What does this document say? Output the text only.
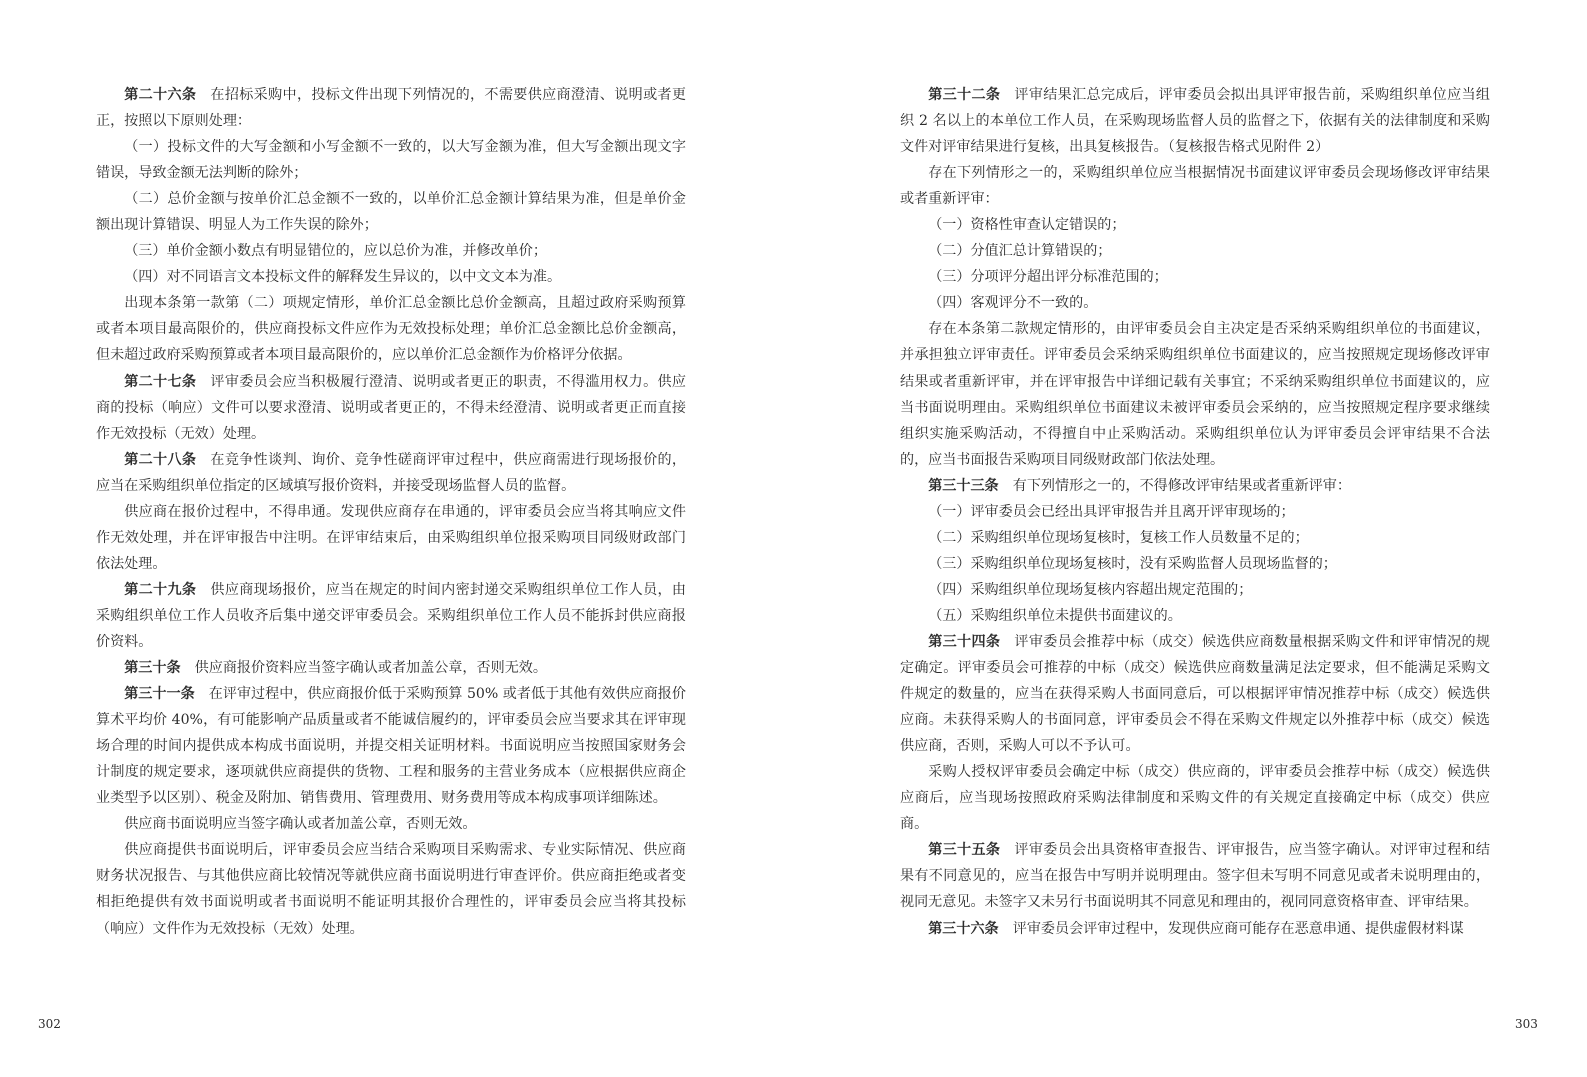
第二十六条 在招标采购中，投标文件出现下列情况的，不需要供应商澄清、说明或者更正，按照以下原则处理：

（一）投标文件的大写金额和小写金额不一致的，以大写金额为准，但大写金额出现文字错误，导致金额无法判断的除外；

（二）总价金额与按单价汇总金额不一致的，以单价汇总金额计算结果为准，但是单价金额出现计算错误、明显人为工作失误的除外；

（三）单价金额小数点有明显错位的，应以总价为准，并修改单价；

（四）对不同语言文本投标文件的解释发生异议的，以中文文本为准。

出现本条第一款第（二）项规定情形，单价汇总金额比总价金额高，且超过政府采购预算或者本项目最高限价的，供应商投标文件应作为无效投标处理；单价汇总金额比总价金额高，但未超过政府采购预算或者本项目最高限价的，应以单价汇总金额作为价格评分依据。

第二十七条 评审委员会应当积极履行澄清、说明或者更正的职责，不得滥用权力。供应商的投标（响应）文件可以要求澄清、说明或者更正的，不得未经澄清、说明或者更正而直接作无效投标（无效）处理。

第二十八条 在竞争性谈判、询价、竞争性磋商评审过程中，供应商需进行现场报价的，应当在采购组织单位指定的区域填写报价资料，并接受现场监督人员的监督。

供应商在报价过程中，不得串通。发现供应商存在串通的，评审委员会应当将其响应文件作无效处理，并在评审报告中注明。在评审结束后，由采购组织单位报采购项目同级财政部门依法处理。

第二十九条 供应商现场报价，应当在规定的时间内密封递交采购组织单位工作人员，由采购组织单位工作人员收齐后集中递交评审委员会。采购组织单位工作人员不能拆封供应商报价资料。

第三十条 供应商报价资料应当签字确认或者加盖公章，否则无效。

第三十一条 在评审过程中，供应商报价低于采购预算 50% 或者低于其他有效供应商报价算术平均价 40%，有可能影响产品质量或者不能诚信履约的，评审委员会应当要求其在评审现场合理的时间内提供成本构成书面说明，并提交相关证明材料。书面说明应当按照国家财务会计制度的规定要求，逐项就供应商提供的货物、工程和服务的主营业务成本（应根据供应商企业类型予以区别）、税金及附加、销售费用、管理费用、财务费用等成本构成事项详细陈述。

供应商书面说明应当签字确认或者加盖公章，否则无效。

供应商提供书面说明后，评审委员会应当结合采购项目采购需求、专业实际情况、供应商财务状况报告、与其他供应商比较情况等就供应商书面说明进行审查评价。供应商拒绝或者变相拒绝提供有效书面说明或者书面说明不能证明其报价合理性的，评审委员会应当将其投标（响应）文件作为无效投标（无效）处理。

第三十二条 评审结果汇总完成后，评审委员会拟出具评审报告前，采购组织单位应当组织 2 名以上的本单位工作人员，在采购现场监督人员的监督之下，依据有关的法律制度和采购文件对评审结果进行复核，出具复核报告。（复核报告格式见附件 2）

存在下列情形之一的，采购组织单位应当根据情况书面建议评审委员会现场修改评审结果或者重新评审：

（一）资格性审查认定错误的；

（二）分值汇总计算错误的；

（三）分项评分超出评分标准范围的；

（四）客观评分不一致的。

存在本条第二款规定情形的，由评审委员会自主决定是否采纳采购组织单位的书面建议，并承担独立评审责任。评审委员会采纳采购组织单位书面建议的，应当按照规定现场修改评审结果或者重新评审，并在评审报告中详细记载有关事宜；不采纳采购组织单位书面建议的，应当书面说明理由。采购组织单位书面建议未被评审委员会采纳的，应当按照规定程序要求继续组织实施采购活动，不得擅自中止采购活动。采购组织单位认为评审委员会评审结果不合法的，应当书面报告采购项目同级财政部门依法处理。

第三十三条 有下列情形之一的，不得修改评审结果或者重新评审：

（一）评审委员会已经出具评审报告并且离开评审现场的；

（二）采购组织单位现场复核时，复核工作人员数量不足的；

（三）采购组织单位现场复核时，没有采购监督人员现场监督的；

（四）采购组织单位现场复核内容超出规定范围的；

（五）采购组织单位未提供书面建议的。

第三十四条 评审委员会推荐中标（成交）候选供应商数量根据采购文件和评审情况的规定确定。评审委员会可推荐的中标（成交）候选供应商数量满足法定要求，但不能满足采购文件规定的数量的，应当在获得采购人书面同意后，可以根据评审情况推荐中标（成交）候选供应商。未获得采购人的书面同意，评审委员会不得在采购文件规定以外推荐中标（成交）候选供应商，否则，采购人可以不予认可。

采购人授权评审委员会确定中标（成交）供应商的，评审委员会推荐中标（成交）候选供应商后，应当现场按照政府采购法律制度和采购文件的有关规定直接确定中标（成交）供应商。

第三十五条 评审委员会出具资格审查报告、评审报告，应当签字确认。对评审过程和结果有不同意见的，应当在报告中写明并说明理由。签字但未写明不同意见或者未说明理由的，视同无意见。未签字又未另行书面说明其不同意见和理由的，视同同意资格审查、评审结果。

第三十六条 评审委员会评审过程中，发现供应商可能存在恶意串通、提供虚假材料谋

302	303
